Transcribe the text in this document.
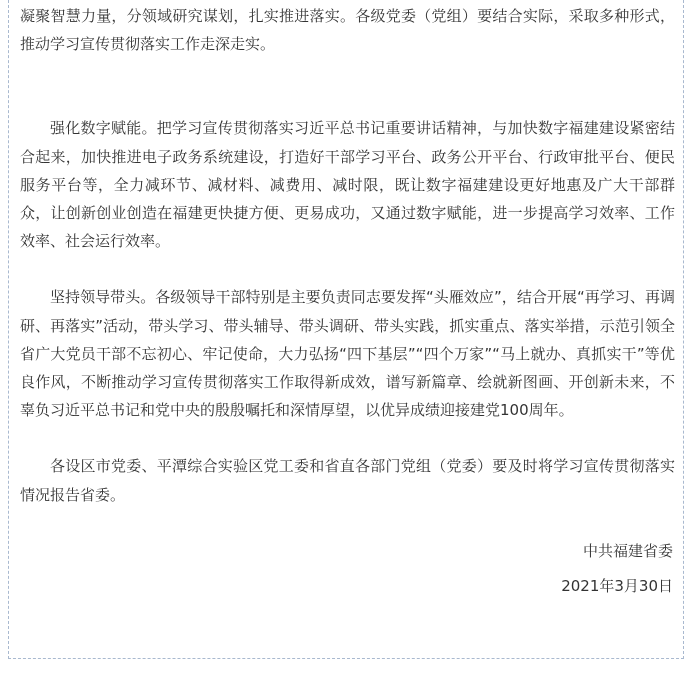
凝聚智慧力量，分领域研究谋划，扎实推进落实。各级党委（党组）要结合实际，采取多种形式，推动学习宣传贯彻落实工作走深走实。

强化数字赋能。把学习宣传贯彻落实习近平总书记重要讲话精神，与加快数字福建建设紧密结合起来，加快推进电子政务系统建设，打造好干部学习平台、政务公开平台、行政审批平台、便民服务平台等，全力减环节、减材料、减费用、减时限，既让数字福建建设更好地惠及广大干部群众，让创新创业创造在福建更快捷方便、更易成功，又通过数字赋能，进一步提高学习效率、工作效率、社会运行效率。

坚持领导带头。各级领导干部特别是主要负责同志要发挥“头雁效应”，结合开展“再学习、再调研、再落实”活动，带头学习、带头辅导、带头调研、带头实践，抓实重点、落实举措，示范引领全省广大党员干部不忘初心、牢记使命，大力弘扬“四下基层”“四个万家”“马上就办、真抓实干”等优良作风，不断推动学习宣传贯彻落实工作取得新成效，谱写新篇章、绘就新图画、开创新未来，不辜负习近平总书记和党中央的殷殷嘱托和深情厚望，以优异成绩迎接建党100周年。

各设区市党委、平潭综合实验区党工委和省直各部门党组（党委）要及时将学习宣传贯彻落实情况报告省委。

中共福建省委

2021年3月30日
